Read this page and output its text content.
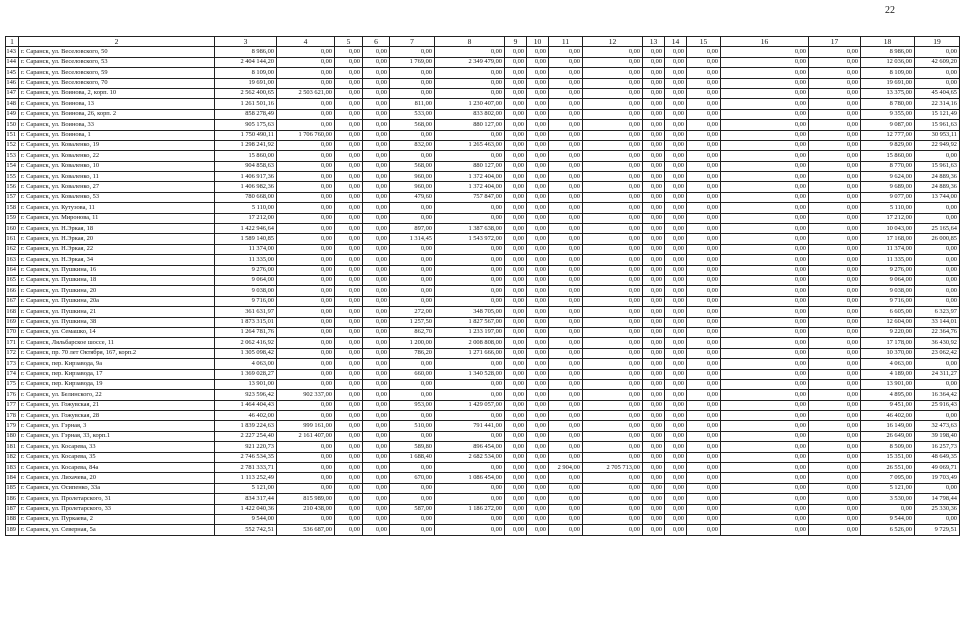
22
1	2	3	4	5	6	7	8	9	10	11	12	13	14	15	16	17	18	19
143	г. Саранск, ул. Веселовского, 50	8 986,00	0,00	0,00	0,00	0,00	0,00	0,00	0,00	0,00	0,00	0,00	0,00	0,00	0,00	0,00	8 986,00	0,00
144	г. Саранск, ул. Веселовского, 53	2 404 144,20	0,00	0,00	0,00	1 769,00	2 349 479,00	0,00	0,00	0,00	0,00	0,00	0,00	0,00	0,00	0,00	12 036,00	42 609,20
145	г. Саранск, ул. Веселовского, 59	8 109,00	0,00	0,00	0,00	0,00	0,00	0,00	0,00	0,00	0,00	0,00	0,00	0,00	0,00	0,00	8 109,00	0,00
146	г. Саранск, ул. Веселовского, 70	19 691,00	0,00	0,00	0,00	0,00	0,00	0,00	0,00	0,00	0,00	0,00	0,00	0,00	0,00	0,00	19 691,00	0,00
147	г. Саранск, ул. Воинова, 2, корп. 10	2 562 400,65	2 503 621,00	0,00	0,00	0,00	0,00	0,00	0,00	0,00	0,00	0,00	0,00	0,00	0,00	0,00	13 375,00	45 404,65
148	г. Саранск, ул. Воинова, 13	1 261 501,16	0,00	0,00	0,00	811,00	1 230 407,00	0,00	0,00	0,00	0,00	0,00	0,00	0,00	0,00	0,00	8 780,00	22 314,16
149	г. Саранск, ул. Воинова, 26, корп. 2	858 278,49	0,00	0,00	0,00	533,00	833 802,00	0,00	0,00	0,00	0,00	0,00	0,00	0,00	0,00	0,00	9 355,00	15 121,49
150	г. Саранск, ул. Воинова, 33	905 175,63	0,00	0,00	0,00	568,00	880 127,00	0,00	0,00	0,00	0,00	0,00	0,00	0,00	0,00	0,00	9 087,00	15 961,63
151	г. Саранск, ул. Воинова, 1	1 750 490,11	1 706 760,00	0,00	0,00	0,00	0,00	0,00	0,00	0,00	0,00	0,00	0,00	0,00	0,00	0,00	12 777,00	30 953,11
152	г. Саранск, ул. Коваленко, 19	1 298 241,92	0,00	0,00	0,00	832,00	1 265 463,00	0,00	0,00	0,00	0,00	0,00	0,00	0,00	0,00	0,00	9 829,00	22 949,92
153	г. Саранск, ул. Коваленко, 22	15 860,00	0,00	0,00	0,00	0,00	0,00	0,00	0,00	0,00	0,00	0,00	0,00	0,00	0,00	0,00	15 860,00	0,00
154	г. Саранск, ул. Коваленко, 10	904 858,63	0,00	0,00	0,00	568,00	880 127,00	0,00	0,00	0,00	0,00	0,00	0,00	0,00	0,00	0,00	8 770,00	15 961,63
155	г. Саранск, ул. Коваленко, 11	1 406 917,36	0,00	0,00	0,00	960,00	1 372 404,00	0,00	0,00	0,00	0,00	0,00	0,00	0,00	0,00	0,00	9 624,00	24 889,36
156	г. Саранск, ул. Коваленко, 27	1 406 982,36	0,00	0,00	0,00	960,00	1 372 404,00	0,00	0,00	0,00	0,00	0,00	0,00	0,00	0,00	0,00	9 689,00	24 889,36
157	г. Саранск, ул. Коваленко, 53	780 668,00	0,00	0,00	0,00	479,60	757 847,00	0,00	0,00	0,00	0,00	0,00	0,00	0,00	0,00	0,00	9 077,00	13 744,00
158	г. Саранск, ул. Кутузова, 11	5 110,00	0,00	0,00	0,00	0,00	0,00	0,00	0,00	0,00	0,00	0,00	0,00	0,00	0,00	0,00	5 110,00	0,00
159	г. Саранск, ул. Миронова, 11	17 212,00	0,00	0,00	0,00	0,00	0,00	0,00	0,00	0,00	0,00	0,00	0,00	0,00	0,00	0,00	17 212,00	0,00
160	г. Саранск, ул. Н.Эркая, 18	1 422 946,64	0,00	0,00	0,00	897,00	1 387 638,00	0,00	0,00	0,00	0,00	0,00	0,00	0,00	0,00	0,00	10 043,00	25 165,64
161	г. Саранск, ул. Н.Эркая, 20	1 589 140,85	0,00	0,00	0,00	1 314,45	1 543 972,00	0,00	0,00	0,00	0,00	0,00	0,00	0,00	0,00	0,00	17 168,00	26 000,85
162	г. Саранск, ул. Н.Эркая, 22	11 374,00	0,00	0,00	0,00	0,00	0,00	0,00	0,00	0,00	0,00	0,00	0,00	0,00	0,00	0,00	11 374,00	0,00
163	г. Саранск, ул. Н.Эркая, 34	11 335,00	0,00	0,00	0,00	0,00	0,00	0,00	0,00	0,00	0,00	0,00	0,00	0,00	0,00	0,00	11 335,00	0,00
164	г. Саранск, ул. Пушкина, 16	9 276,00	0,00	0,00	0,00	0,00	0,00	0,00	0,00	0,00	0,00	0,00	0,00	0,00	0,00	0,00	9 276,00	0,00
165	г. Саранск, ул. Пушкина, 18	9 064,00	0,00	0,00	0,00	0,00	0,00	0,00	0,00	0,00	0,00	0,00	0,00	0,00	0,00	0,00	9 064,00	0,00
166	г. Саранск, ул. Пушкина, 20	9 038,00	0,00	0,00	0,00	0,00	0,00	0,00	0,00	0,00	0,00	0,00	0,00	0,00	0,00	0,00	9 038,00	0,00
167	г. Саранск, ул. Пушкина, 20а	9 716,00	0,00	0,00	0,00	0,00	0,00	0,00	0,00	0,00	0,00	0,00	0,00	0,00	0,00	0,00	9 716,00	0,00
168	г. Саранск, ул. Пушкина, 21	361 631,97	0,00	0,00	0,00	272,00	348 705,00	0,00	0,00	0,00	0,00	0,00	0,00	0,00	0,00	0,00	6 605,00	6 323,97
169	г. Саранск, ул. Пушкина, 38	1 873 315,01	0,00	0,00	0,00	1 257,50	1 827 567,00	0,00	0,00	0,00	0,00	0,00	0,00	0,00	0,00	0,00	12 604,00	33 144,01
170	г. Саранск, ул. Семашко, 14	1 264 781,76	0,00	0,00	0,00	862,70	1 233 197,00	0,00	0,00	0,00	0,00	0,00	0,00	0,00	0,00	0,00	9 220,00	22 364,76
171	г. Саранск, Ляльбарское шоссе, 11	2 062 416,92	0,00	0,00	0,00	1 200,00	2 008 808,00	0,00	0,00	0,00	0,00	0,00	0,00	0,00	0,00	0,00	17 178,00	36 430,92
172	г. Саранск, пр. 70 лет Октября, 167, корп.2	1 305 098,42	0,00	0,00	0,00	786,20	1 271 666,00	0,00	0,00	0,00	0,00	0,00	0,00	0,00	0,00	0,00	10 370,00	23 062,42
173	г. Саранск, пер. Кирзавода, 9а	4 063,00	0,00	0,00	0,00	0,00	0,00	0,00	0,00	0,00	0,00	0,00	0,00	0,00	0,00	0,00	4 063,00	0,00
174	г. Саранск, пер. Кирзавода, 17	1 369 028,27	0,00	0,00	0,00	660,00	1 340 528,00	0,00	0,00	0,00	0,00	0,00	0,00	0,00	0,00	0,00	4 189,00	24 311,27
175	г. Саранск, пер. Кирзавода, 19	13 901,00	0,00	0,00	0,00	0,00	0,00	0,00	0,00	0,00	0,00	0,00	0,00	0,00	0,00	0,00	13 901,00	0,00
176	г. Саранск, ул. Белинского, 22	923 596,42	902 337,00	0,00	0,00	0,00	0,00	0,00	0,00	0,00	0,00	0,00	0,00	0,00	0,00	0,00	4 895,00	16 364,42
177	г. Саранск, ул. Гожувская, 21	1 464 404,43	0,00	0,00	0,00	953,00	1 429 057,00	0,00	0,00	0,00	0,00	0,00	0,00	0,00	0,00	0,00	9 451,00	25 916,43
178	г. Саранск, ул. Гожувская, 28	46 402,00	0,00	0,00	0,00	0,00	0,00	0,00	0,00	0,00	0,00	0,00	0,00	0,00	0,00	0,00	46 402,00	0,00
179	г. Саранск, ул. Гэрная, 3	1 839 224,63	999 161,00	0,00	0,00	510,00	791 441,00	0,00	0,00	0,00	0,00	0,00	0,00	0,00	0,00	0,00	16 149,00	32 473,63
180	г. Саранск, ул. Гэрная, 33, корп.1	2 227 254,40	2 161 407,00	0,00	0,00	0,00	0,00	0,00	0,00	0,00	0,00	0,00	0,00	0,00	0,00	0,00	26 649,00	39 198,40
181	г. Саранск, ул. Косарева, 33	921 220,73	0,00	0,00	0,00	589,80	896 454,00	0,00	0,00	0,00	0,00	0,00	0,00	0,00	0,00	0,00	8 509,00	16 257,73
182	г. Саранск, ул. Косарева, 35	2 746 534,35	0,00	0,00	0,00	1 688,40	2 682 534,00	0,00	0,00	0,00	0,00	0,00	0,00	0,00	0,00	0,00	15 351,00	48 649,35
183	г. Саранск, ул. Косарева, 84а	2 781 333,71	0,00	0,00	0,00	0,00	0,00	0,00	0,00	2 904,00	2 705 713,00	0,00	0,00	0,00	0,00	0,00	26 551,00	49 069,71
184	г. Саранск, ул. Лихачева, 20	1 113 252,49	0,00	0,00	0,00	670,00	1 086 454,00	0,00	0,00	0,00	0,00	0,00	0,00	0,00	0,00	0,00	7 095,00	19 703,49
185	г. Саранск, ул. Осипенко, 33а	5 121,00	0,00	0,00	0,00	0,00	0,00	0,00	0,00	0,00	0,00	0,00	0,00	0,00	0,00	0,00	5 121,00	0,00
186	г. Саранск, ул. Пролетарского, 31	834 317,44	815 989,00	0,00	0,00	0,00	0,00	0,00	0,00	0,00	0,00	0,00	0,00	0,00	0,00	0,00	3 530,00	14 798,44
187	г. Саранск, ул. Пролетарского, 33	1 422 040,36	210 438,00	0,00	0,00	587,00	1 186 272,00	0,00	0,00	0,00	0,00	0,00	0,00	0,00	0,00	0,00	0,00	25 330,36
188	г. Саранск, ул. Пуркаева, 2	9 544,00	0,00	0,00	0,00	0,00	0,00	0,00	0,00	0,00	0,00	0,00	0,00	0,00	0,00	0,00	9 544,00	0,00
189	г. Саранск, ул. Северная, 5а	552 742,51	536 687,00	0,00	0,00	0,00	0,00	0,00	0,00	0,00	0,00	0,00	0,00	0,00	0,00	0,00	6 526,00	9 729,51
